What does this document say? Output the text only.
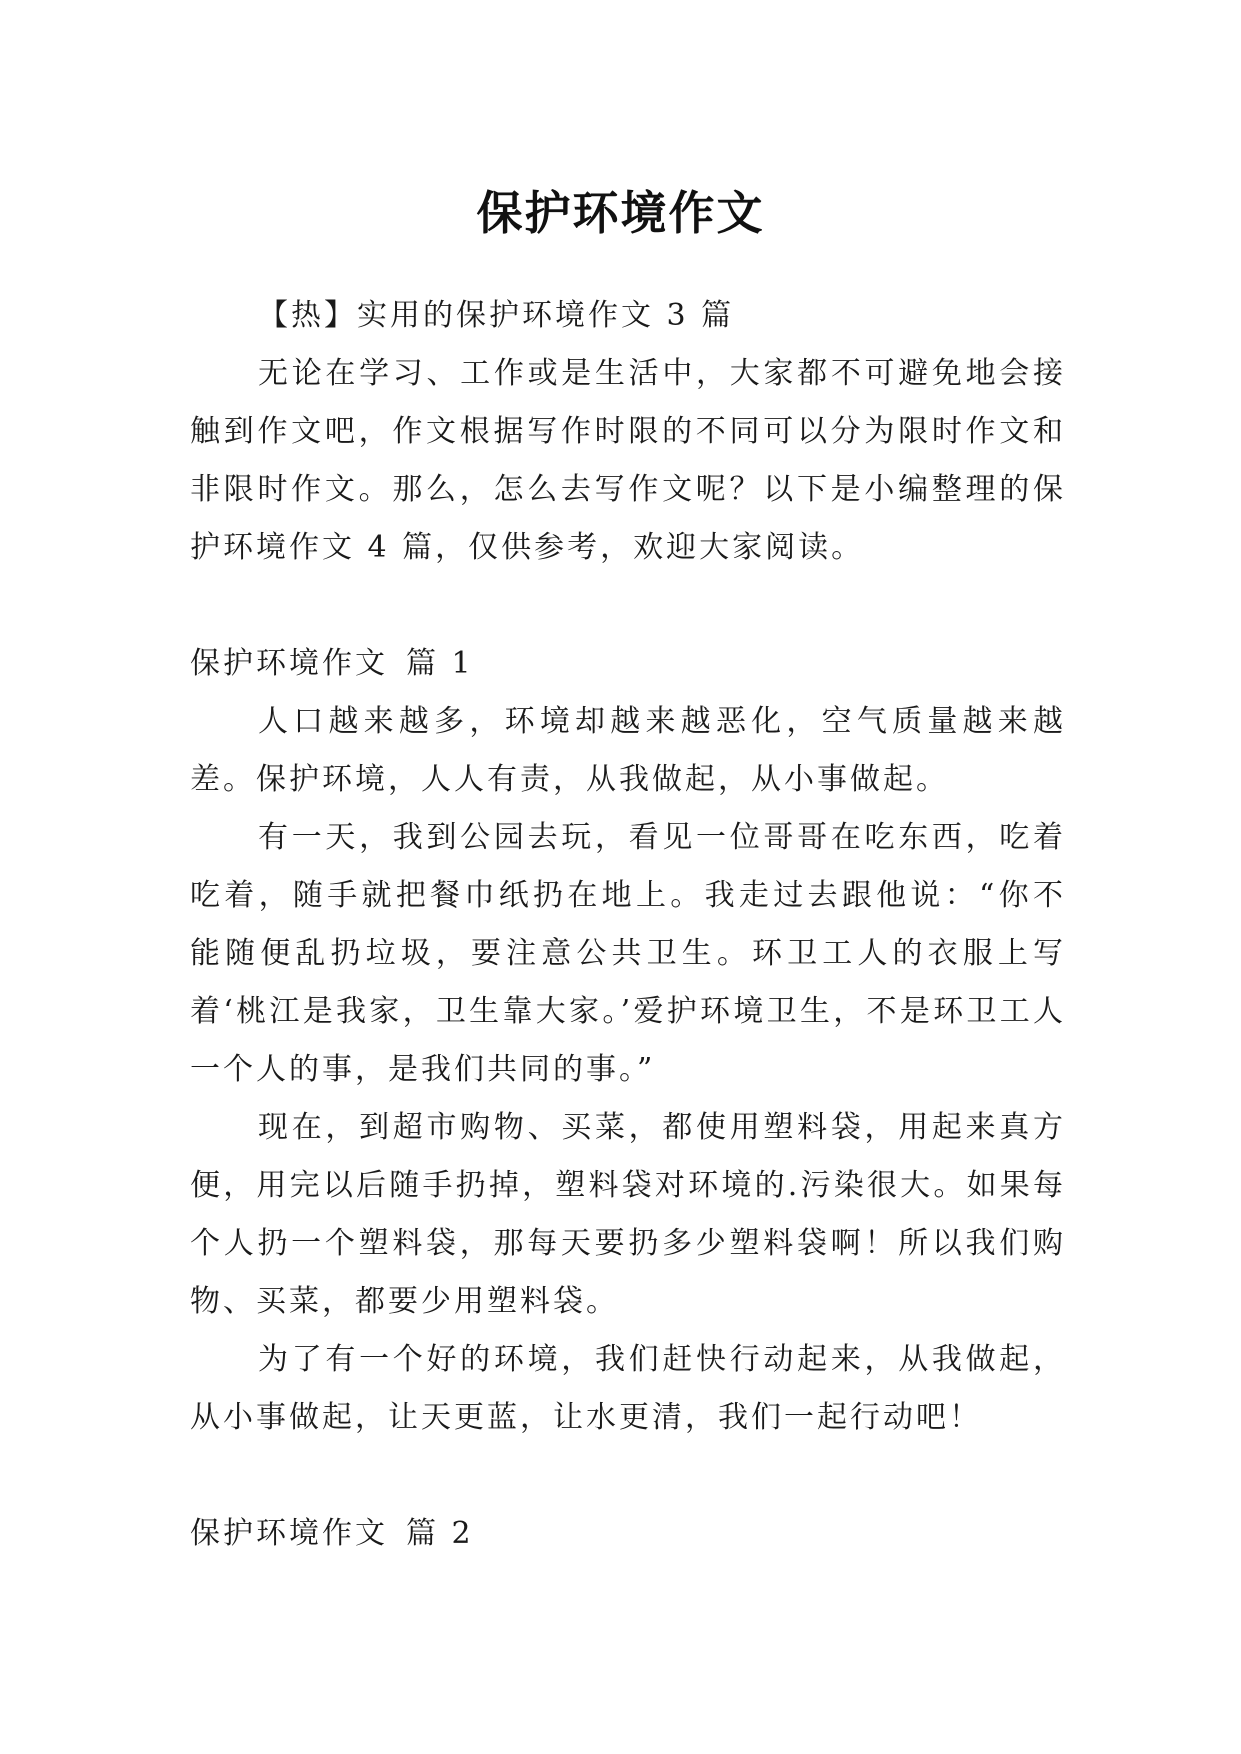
保护环境作文

【热】实用的保护环境作文 3 篇

无论在学习、工作或是生活中，大家都不可避免地会接触到作文吧，作文根据写作时限的不同可以分为限时作文和非限时作文。那么，怎么去写作文呢？以下是小编整理的保护环境作文 4 篇，仅供参考，欢迎大家阅读。

保护环境作文 篇 1

人口越来越多，环境却越来越恶化，空气质量越来越差。保护环境，人人有责，从我做起，从小事做起。

有一天，我到公园去玩，看见一位哥哥在吃东西，吃着吃着，随手就把餐巾纸扔在地上。我走过去跟他说：“你不能随便乱扔垃圾，要注意公共卫生。环卫工人的衣服上写着‘桃江是我家，卫生靠大家。’爱护环境卫生，不是环卫工人一个人的事，是我们共同的事。”

现在，到超市购物、买菜，都使用塑料袋，用起来真方便，用完以后随手扔掉，塑料袋对环境的.污染很大。如果每个人扔一个塑料袋，那每天要扔多少塑料袋啊！所以我们购物、买菜，都要少用塑料袋。

为了有一个好的环境，我们赶快行动起来，从我做起，从小事做起，让天更蓝，让水更清，我们一起行动吧！

保护环境作文 篇 2
